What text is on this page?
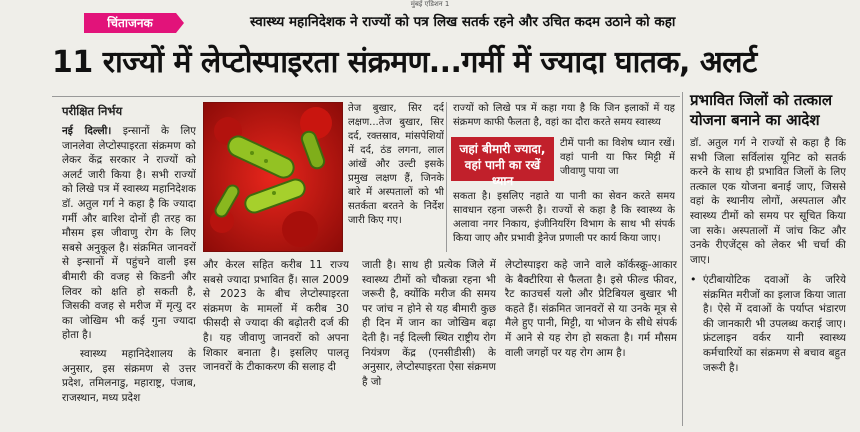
मुंबई एडिशन 1
चिंताजनक	स्वास्थ्य महानिदेशक ने राज्यों को पत्र लिख सतर्क रहने और उचित कदम उठाने को कहा
11 राज्यों में लेप्टोस्पाइरता संक्रमण...गर्मी में ज्यादा घातक, अलर्ट
परीक्षित निर्भय

नई दिल्ली। इन्सानों के लिए जानलेवा लेप्टोस्पाइरता संक्रमण को लेकर केंद्र सरकार ने राज्यों को अलर्ट जारी किया है। सभी राज्यों को लिखे पत्र में स्वास्थ्य महानिदेशक डॉ. अतुल गर्ग ने कहा है कि ज्यादा गर्मी और बारिश दोनों ही तरह का मौसम इस जीवाणु रोग के लिए सबसे अनुकूल है। संक्रमित जानवरों से इन्सानों में पहुंचने वाली इस बीमारी की वजह से किडनी और लिवर को क्षति हो सकती है, जिसकी वजह से मरीज में मृत्यु दर का जोखिम भी कई गुना ज्यादा होता है।

स्वास्थ्य महानिदेशालय के अनुसार, इस संक्रमण से उत्तर प्रदेश, तमिलनाडु, महाराष्ट्र, पंजाब, राजस्थान, मध्य प्रदेश

और केरल सहित करीब 11 राज्य सबसे ज्यादा प्रभावित हैं। साल 2009 से 2023 के बीच लेप्टोस्पाइरता संक्रमण के मामलों में करीब 30 फीसदी से ज्यादा की बढ़ोतरी दर्ज की है। यह जीवाणु जानवरों को अपना शिकार बनाता है। इसलिए पालतू जानवरों के टीकाकरण की सलाह दी
तेज बुखार, सिर दर्द लक्षण...तेज बुखार, सिर दर्द, रक्तस्राव, मांसपेशियों में दर्द, ठंड लगना, लाल आंखें और उल्टी इसके प्रमुख लक्षण हैं, जिनके बारे में अस्पतालों को भी सतर्कता बरतने के निर्देश जारी किए गए।
जाती है। साथ ही प्रत्येक जिले में स्वास्थ्य टीमों को चौकन्ना रहना भी जरूरी है, क्योंकि मरीज की समय पर जांच न होने से यह बीमारी कुछ ही दिन में जान का जोखिम बढ़ा देती है। नई दिल्ली स्थित राष्ट्रीय रोग नियंत्रण केंद्र (एनसीडीसी) के अनुसार, लेप्टोस्पाइरता ऐसा संक्रमण है जो
राज्यों को लिखे पत्र में कहा गया है कि जिन इलाकों में यह संक्रमण काफी फैलता है, वहां का दौरा करते समय स्वास्थ्य
जहां बीमारी ज्यादा, वहां पानी का रखें ध्यान
टीमें पानी का विशेष ध्यान रखें। वहां पानी या फिर मिट्टी में जीवाणु पाया जा
सकता है। इसलिए नहाते या पानी का सेवन करते समय सावधान रहना जरूरी है। राज्यों से कहा है कि स्वास्थ्य के अलावा नगर निकाय, इंजीनियरिंग विभाग के साथ भी संपर्क किया जाए और प्रभावी ड्रेनेज प्रणाली पर कार्य किया जाए।
लेप्टोस्पाइरा कहे जाने वाले कॉर्कस्क्रू-आकार के बैक्टीरिया से फैलता है। इसे फील्ड फीवर, रैट काउचर्स यलो और प्रेटिबियल बुखार भी कहते हैं। संक्रमित जानवरों से या उनके मूत्र से मैले हुए पानी, मिट्टी, या भोजन के सीधे संपर्क में आने से यह रोग हो सकता है। गर्म मौसम वाली जगहों पर यह रोग आम है।
प्रभावित जिलों को तत्काल योजना बनाने का आदेश
डॉ. अतुल गर्ग ने राज्यों से कहा है कि सभी जिला सर्विलांस यूनिट को सतर्क करने के साथ ही प्रभावित जिलों के लिए तत्काल एक योजना बनाई जाए, जिससे वहां के स्थानीय लोगों, अस्पताल और स्वास्थ्य टीमों को समय पर सूचित किया जा सके। अस्पतालों में जांच किट और उनके रीएजेंट्स को लेकर भी चर्चा की जाए।
• एंटीबायोटिक दवाओं के जरिये संक्रमित मरीजों का इलाज किया जाता है। ऐसे में दवाओं के पर्याप्त भंडारण की जानकारी भी उपलब्ध कराई जाए। फ्रंटलाइन वर्कर यानी स्वास्थ्य कर्मचारियों का संक्रमण से बचाव बहुत जरूरी है।
